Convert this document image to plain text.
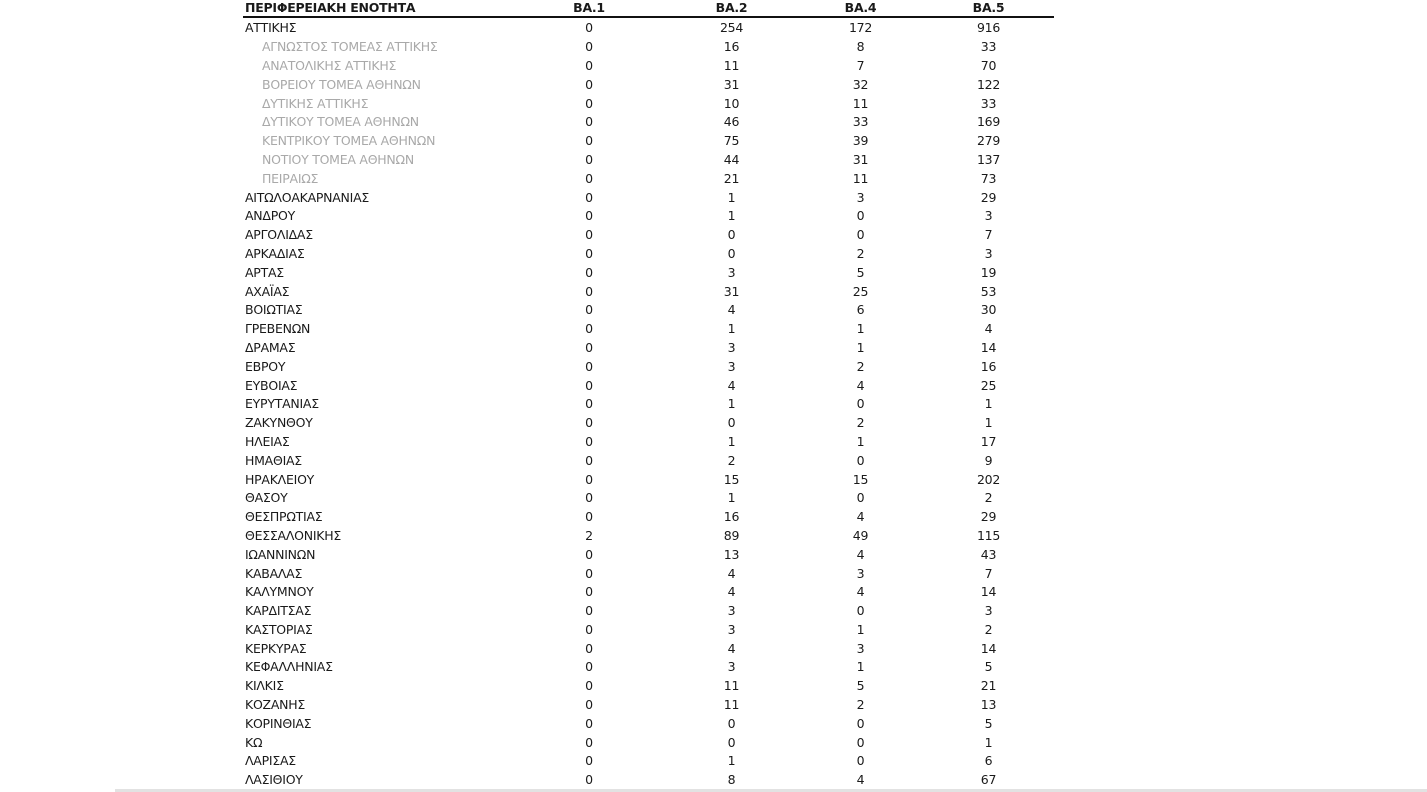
ΠΕΡΙΦΕΡΕΙΑΚΗ ΕΝΟΤΗΤΑ	ΒΑ.1	ΒΑ.2	ΒΑ.4	ΒΑ.5
ΑΤΤΙΚΗΣ	0	254	172	916
ΑΓΝΩΣΤΟΣ ΤΟΜΕΑΣ ΑΤΤΙΚΗΣ	0	16	8	33
ΑΝΑΤΟΛΙΚΗΣ ΑΤΤΙΚΗΣ	0	11	7	70
ΒΟΡΕΙΟΥ ΤΟΜΕΑ ΑΘΗΝΩΝ	0	31	32	122
ΔΥΤΙΚΗΣ ΑΤΤΙΚΗΣ	0	10	11	33
ΔΥΤΙΚΟΥ ΤΟΜΕΑ ΑΘΗΝΩΝ	0	46	33	169
ΚΕΝΤΡΙΚΟΥ ΤΟΜΕΑ ΑΘΗΝΩΝ	0	75	39	279
ΝΟΤΙΟΥ ΤΟΜΕΑ ΑΘΗΝΩΝ	0	44	31	137
ΠΕΙΡΑΙΩΣ	0	21	11	73
ΑΙΤΩΛΟΑΚΑΡΝΑΝΙΑΣ	0	1	3	29
ΑΝΔΡΟΥ	0	1	0	3
ΑΡΓΟΛΙΔΑΣ	0	0	0	7
ΑΡΚΑΔΙΑΣ	0	0	2	3
ΑΡΤΑΣ	0	3	5	19
ΑΧΑΪΑΣ	0	31	25	53
ΒΟΙΩΤΙΑΣ	0	4	6	30
ΓΡΕΒΕΝΩΝ	0	1	1	4
ΔΡΑΜΑΣ	0	3	1	14
ΕΒΡΟΥ	0	3	2	16
ΕΥΒΟΙΑΣ	0	4	4	25
ΕΥΡΥΤΑΝΙΑΣ	0	1	0	1
ΖΑΚΥΝΘΟΥ	0	0	2	1
ΗΛΕΙΑΣ	0	1	1	17
ΗΜΑΘΙΑΣ	0	2	0	9
ΗΡΑΚΛΕΙΟΥ	0	15	15	202
ΘΑΣΟΥ	0	1	0	2
ΘΕΣΠΡΩΤΙΑΣ	0	16	4	29
ΘΕΣΣΑΛΟΝΙΚΗΣ	2	89	49	115
ΙΩΑΝΝΙΝΩΝ	0	13	4	43
ΚΑΒΑΛΑΣ	0	4	3	7
ΚΑΛΥΜΝΟΥ	0	4	4	14
ΚΑΡΔΙΤΣΑΣ	0	3	0	3
ΚΑΣΤΟΡΙΑΣ	0	3	1	2
ΚΕΡΚΥΡΑΣ	0	4	3	14
ΚΕΦΑΛΛΗΝΙΑΣ	0	3	1	5
ΚΙΛΚΙΣ	0	11	5	21
ΚΟΖΑΝΗΣ	0	11	2	13
ΚΟΡΙΝΘΙΑΣ	0	0	0	5
ΚΩ	0	0	0	1
ΛΑΡΙΣΑΣ	0	1	0	6
ΛΑΣΙΘΙΟΥ	0	8	4	67
